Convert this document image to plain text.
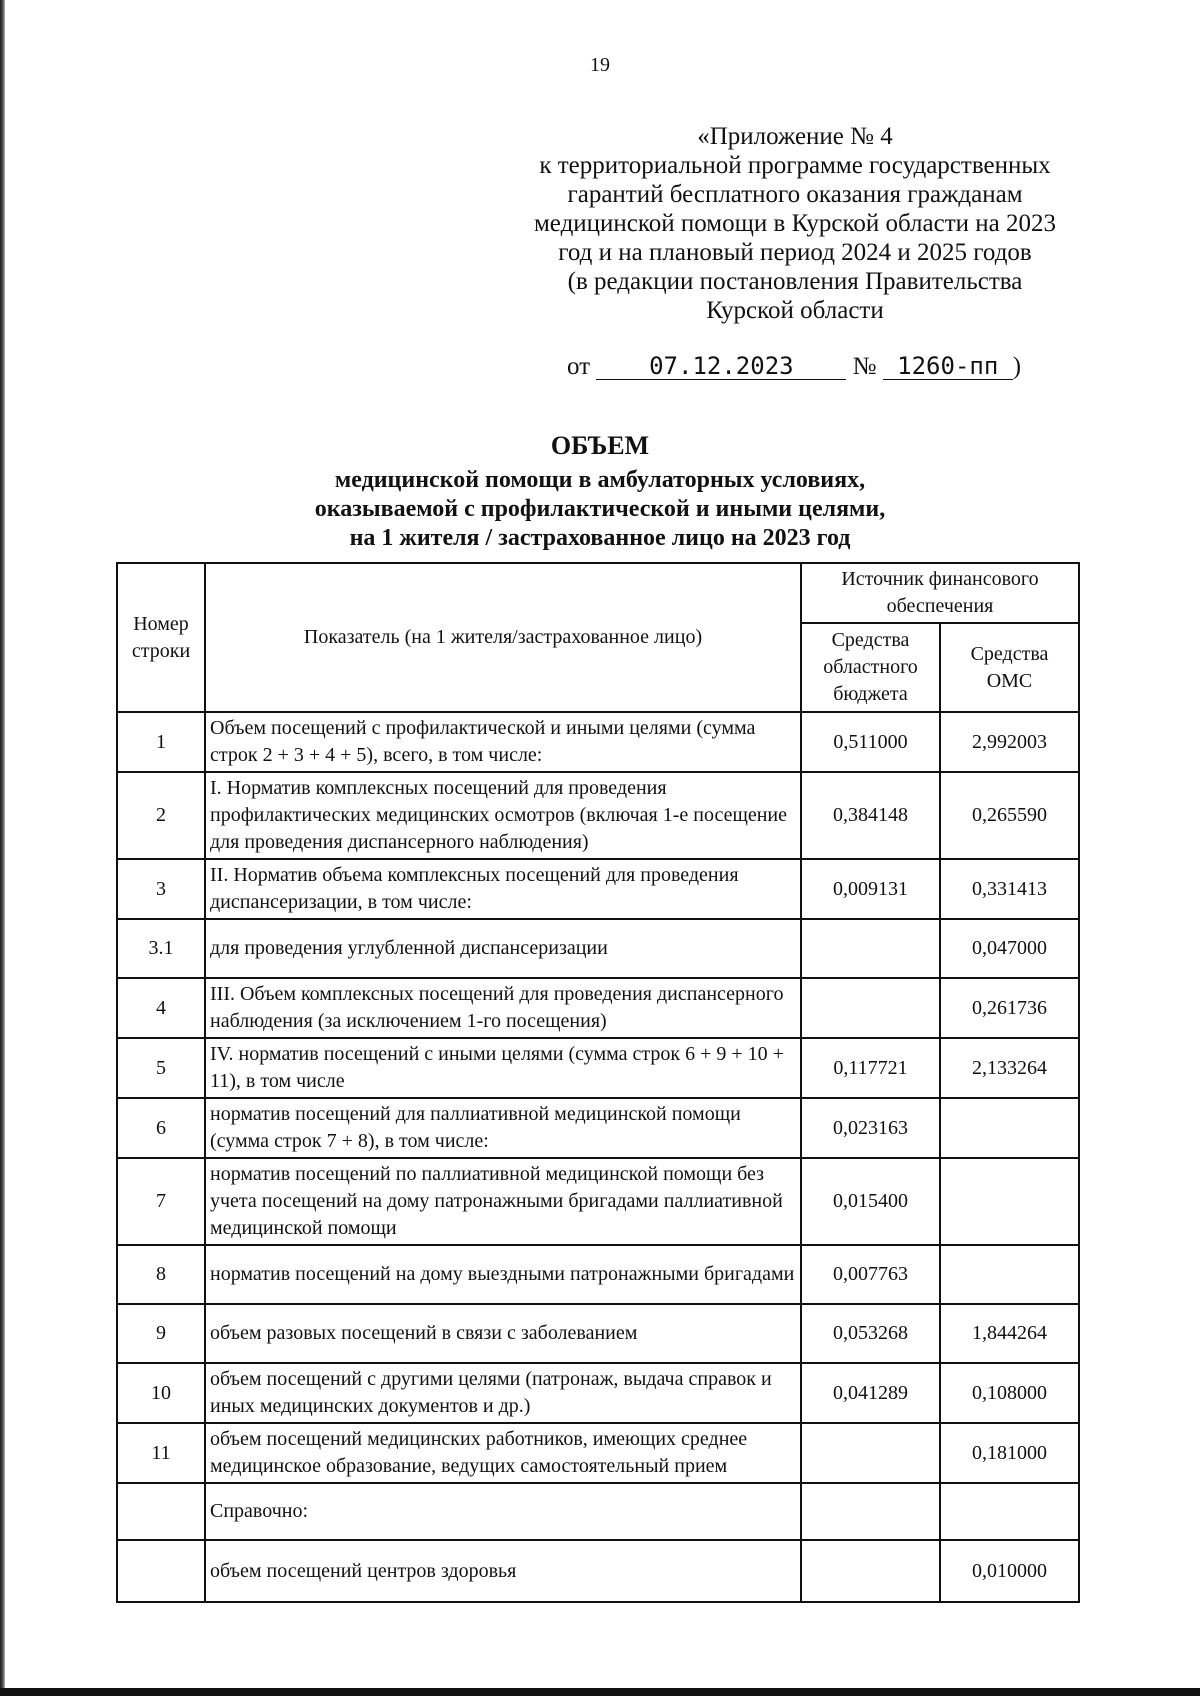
19
«Приложение № 4
к территориальной программе государственных
гарантий бесплатного оказания гражданам
медицинской помощи в Курской области на 2023
год и на плановый период 2024 и 2025 годов
(в редакции постановления Правительства
Курской области
от 07.12.2023 № 1260-пп )
ОБЪЕМ
медицинской помощи в амбулаторных условиях,
оказываемой с профилактической и иными целями,
на 1 жителя / застрахованное лицо на 2023 год
Номер строки	Показатель (на 1 жителя/застрахованное лицо)	Источник финансового обеспечения	
		Средства областного бюджета	Средства ОМС
1	Объем посещений с профилактической и иными целями (сумма строк 2 + 3 + 4 + 5), всего, в том числе:	0,511000	2,992003
2	I. Норматив комплексных посещений для проведения профилактических медицинских осмотров (включая 1-е посещение для проведения диспансерного наблюдения)	0,384148	0,265590
3	II. Норматив объема комплексных посещений для проведения диспансеризации, в том числе:	0,009131	0,331413
3.1	для проведения углубленной диспансеризации		0,047000
4	III. Объем комплексных посещений для проведения диспансерного наблюдения (за исключением 1-го посещения)		0,261736
5	IV. норматив посещений с иными целями (сумма строк 6 + 9 + 10 + 11), в том числе	0,117721	2,133264
6	норматив посещений для паллиативной медицинской помощи (сумма строк 7 + 8), в том числе:	0,023163	
7	норматив посещений по паллиативной медицинской помощи без учета посещений на дому патронажными бригадами паллиативной медицинской помощи	0,015400	
8	норматив посещений на дому выездными патронажными бригадами	0,007763	
9	объем разовых посещений в связи с заболеванием	0,053268	1,844264
10	объем посещений с другими целями (патронаж, выдача справок и иных медицинских документов и др.)	0,041289	0,108000
11	объем посещений медицинских работников, имеющих среднее медицинское образование, ведущих самостоятельный прием		0,181000
	Справочно:		
	объем посещений центров здоровья		0,010000
